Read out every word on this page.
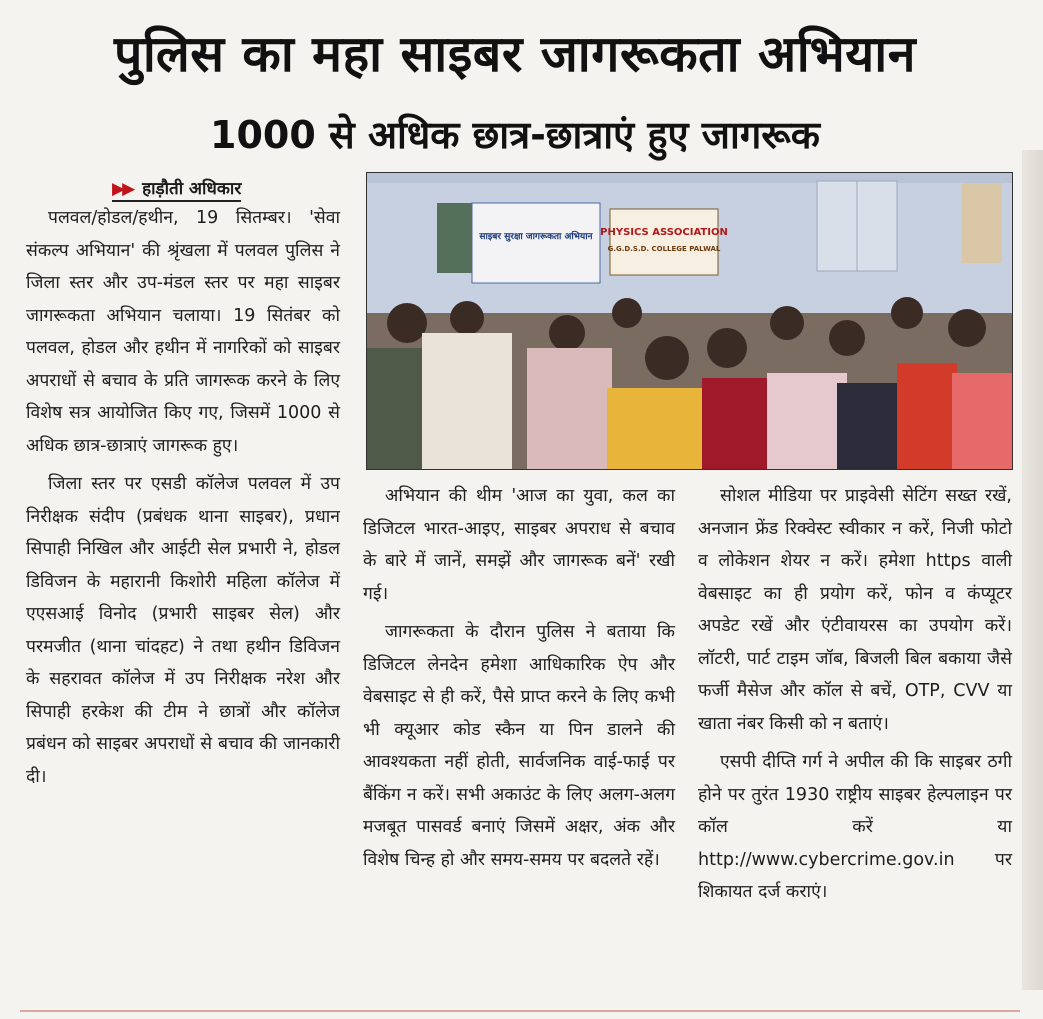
पुलिस का महा साइबर जागरूकता अभियान
1000 से अधिक छात्र-छात्राएं हुए जागरूक
▶▶ हाड़ौती अधिकार

पलवल/होडल/हथीन, 19 सितम्बर। 'सेवा संकल्प अभियान' की श्रृंखला में पलवल पुलिस ने जिला स्तर और उप-मंडल स्तर पर महा साइबर जागरूकता अभियान चलाया। 19 सितंबर को पलवल, होडल और हथीन में नागरिकों को साइबर अपराधों से बचाव के प्रति जागरूक करने के लिए विशेष सत्र आयोजित किए गए, जिसमें 1000 से अधिक छात्र-छात्राएं जागरूक हुए।

जिला स्तर पर एसडी कॉलेज पलवल में उप निरीक्षक संदीप (प्रबंधक थाना साइबर), प्रधान सिपाही निखिल और आईटी सेल प्रभारी ने, होडल डिविजन के महारानी किशोरी महिला कॉलेज में एएसआई विनोद (प्रभारी साइबर सेल) और परमजीत (थाना चांदहट) ने तथा हथीन डिविजन के सहरावत कॉलेज में उप निरीक्षक नरेश और सिपाही हरकेश की टीम ने छात्रों और कॉलेज प्रबंधन को साइबर अपराधों से बचाव की जानकारी दी।

साइबर सुरक्षा जागरूकता अभियान PHYSICS ASSOCIATION
G.G.D.S.D. COLLEGE PALWAL

अभियान की थीम 'आज का युवा, कल का डिजिटल भारत-आइए, साइबर अपराध से बचाव के बारे में जानें, समझें और जागरूक बनें' रखी गई।

जागरूकता के दौरान पुलिस ने बताया कि डिजिटल लेनदेन हमेशा आधिकारिक ऐप और वेबसाइट से ही करें, पैसे प्राप्त करने के लिए कभी भी क्यूआर कोड स्कैन या पिन डालने की आवश्यकता नहीं होती, सार्वजनिक वाई-फाई पर बैंकिंग न करें। सभी अकाउंट के लिए अलग-अलग मजबूत पासवर्ड बनाएं जिसमें अक्षर, अंक और विशेष चिन्ह हो और समय-समय पर बदलते रहें।

सोशल मीडिया पर प्राइवेसी सेटिंग सख्त रखें, अनजान फ्रेंड रिक्वेस्ट स्वीकार न करें, निजी फोटो व लोकेशन शेयर न करें। हमेशा https वाली वेबसाइट का ही प्रयोग करें, फोन व कंप्यूटर अपडेट रखें और एंटीवायरस का उपयोग करें। लॉटरी, पार्ट टाइम जॉब, बिजली बिल बकाया जैसे फर्जी मैसेज और कॉल से बचें, OTP, CVV या खाता नंबर किसी को न बताएं।

एसपी दीप्ति गर्ग ने अपील की कि साइबर ठगी होने पर तुरंत 1930 राष्ट्रीय साइबर हेल्पलाइन पर कॉल करें या http://www.cybercrime.gov.in पर शिकायत दर्ज कराएं।
